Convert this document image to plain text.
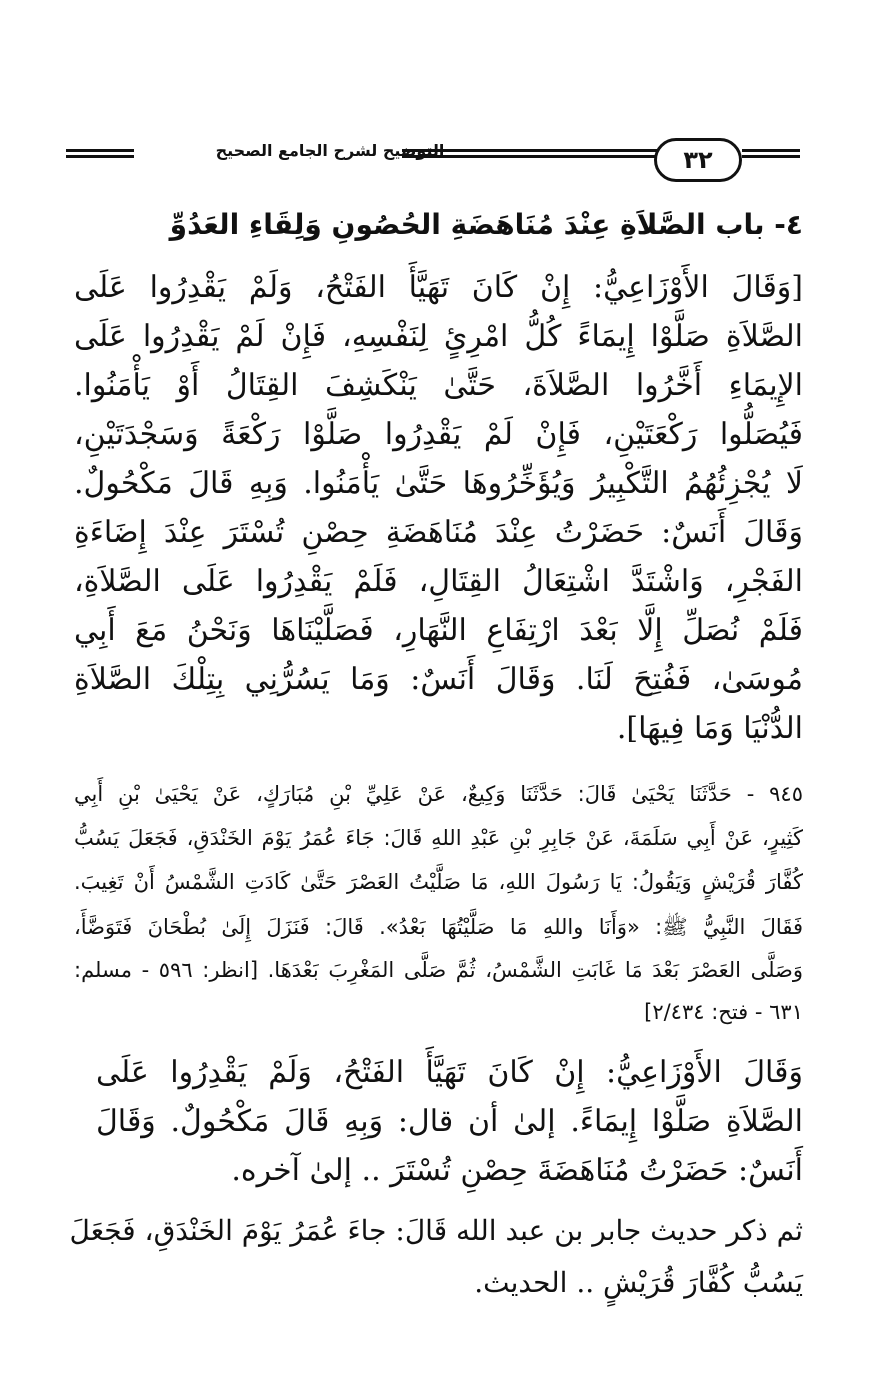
٣٢
التوضيح لشرح الجامع الصحيح
٤- باب الصَّلاَةِ عِنْدَ مُنَاهَضَةِ الحُصُونِ وَلِقَاءِ العَدُوِّ
[وَقَالَ الأَوْزَاعِيُّ: إِنْ كَانَ تَهَيَّأَ الفَتْحُ، وَلَمْ يَقْدِرُوا عَلَى
الصَّلاَةِ صَلَّوْا إِيمَاءً كُلُّ امْرِئٍ لِنَفْسِهِ، فَإِنْ لَمْ يَقْدِرُوا عَلَى
الإِيمَاءِ أَخَّرُوا الصَّلاَةَ، حَتَّىٰ يَنْكَشِفَ القِتَالُ أَوْ يَأْمَنُوا.
فَيُصَلُّوا رَكْعَتَيْنِ، فَإِنْ لَمْ يَقْدِرُوا صَلَّوْا رَكْعَةً وَسَجْدَتَيْنِ،
لَا يُجْزِئُهُمُ التَّكْبِيرُ وَيُؤَخِّرُوهَا حَتَّىٰ يَأْمَنُوا. وَبِهِ قَالَ مَكْحُولٌ.
وَقَالَ أَنَسٌ: حَضَرْتُ عِنْدَ مُنَاهَضَةِ حِصْنِ تُسْتَرَ عِنْدَ إِضَاءَةِ
الفَجْرِ، وَاشْتَدَّ اشْتِعَالُ القِتَالِ، فَلَمْ يَقْدِرُوا عَلَى الصَّلاَةِ،
فَلَمْ نُصَلِّ إِلَّا بَعْدَ ارْتِفَاعِ النَّهَارِ، فَصَلَّيْنَاهَا وَنَحْنُ مَعَ أَبِي
مُوسَىٰ، فَفُتِحَ لَنَا. وَقَالَ أَنَسٌ: وَمَا يَسُرُّنِي بِتِلْكَ الصَّلاَةِ
الدُّنْيَا وَمَا فِيهَا].
٩٤٥ - حَدَّثَنَا يَحْيَىٰ قَالَ: حَدَّثَنَا وَكِيعٌ، عَنْ عَلِيِّ بْنِ مُبَارَكٍ، عَنْ يَحْيَىٰ بْنِ أَبِي
كَثِيرٍ، عَنْ أَبِي سَلَمَةَ، عَنْ جَابِرِ بْنِ عَبْدِ اللهِ قَالَ: جَاءَ عُمَرُ يَوْمَ الخَنْدَقِ، فَجَعَلَ يَسُبُّ
كُفَّارَ قُرَيْشٍ وَيَقُولُ: يَا رَسُولَ اللهِ، مَا صَلَّيْتُ العَصْرَ حَتَّىٰ كَادَتِ الشَّمْسُ أَنْ تَغِيبَ.
فَقَالَ النَّبِيُّ ﷺ: «وَأَنَا واللهِ مَا صَلَّيْتُهَا بَعْدُ». قَالَ: فَنَزَلَ إِلَىٰ بُطْحَانَ فَتَوَضَّأَ،
وَصَلَّى العَصْرَ بَعْدَ مَا غَابَتِ الشَّمْسُ، ثُمَّ صَلَّى المَغْرِبَ بَعْدَهَا. [انظر: ٥٩٦ - مسلم:
٦٣١ - فتح: ٢/٤٣٤]
وَقَالَ الأَوْزَاعِيُّ: إِنْ كَانَ تَهَيَّأَ الفَتْحُ، وَلَمْ يَقْدِرُوا عَلَى
الصَّلاَةِ صَلَّوْا إِيمَاءً. إلىٰ أن قال: وَبِهِ قَالَ مَكْحُولٌ. وَقَالَ
أَنَسٌ: حَضَرْتُ مُنَاهَضَةَ حِصْنِ تُسْتَرَ .. إلىٰ آخره.
ثم ذكر حديث جابر بن عبد الله قَالَ: جاءَ عُمَرُ يَوْمَ الخَنْدَقِ، فَجَعَلَ
يَسُبُّ كُفَّارَ قُرَيْشٍ .. الحديث.
